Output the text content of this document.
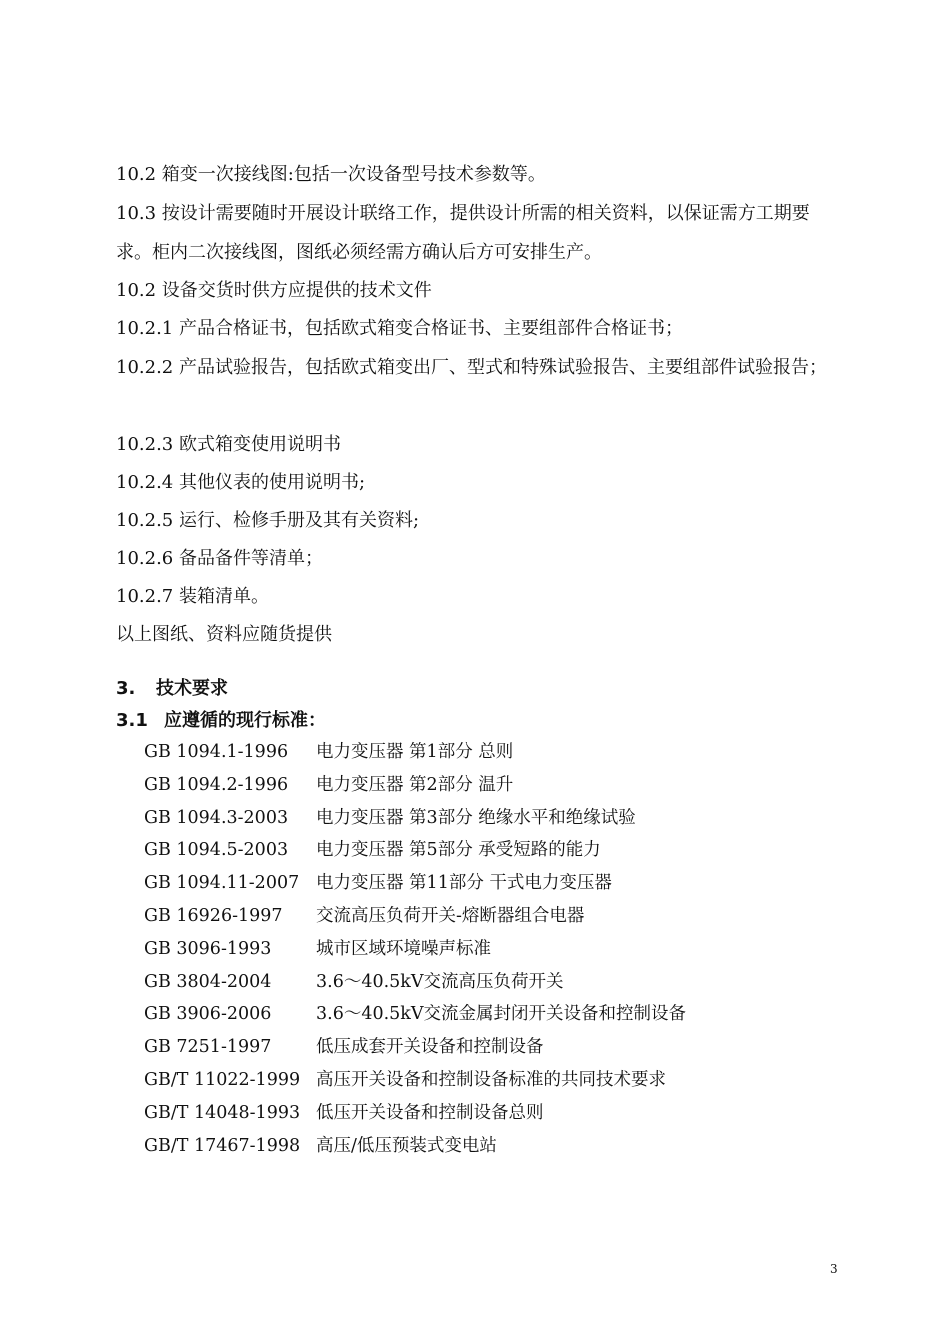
10.2 箱变一次接线图:包括一次设备型号技术参数等。
10.3 按设计需要随时开展设计联络工作，提供设计所需的相关资料，以保证需方工期要求。柜内二次接线图，图纸必须经需方确认后方可安排生产。
10.2 设备交货时供方应提供的技术文件
10.2.1 产品合格证书，包括欧式箱变合格证书、主要组部件合格证书；
10.2.2 产品试验报告，包括欧式箱变出厂、型式和特殊试验报告、主要组部件试验报告；
10.2.3 欧式箱变使用说明书
10.2.4 其他仪表的使用说明书;
10.2.5 运行、检修手册及其有关资料;
10.2.6 备品备件等清单；
10.2.7 装箱清单。
以上图纸、资料应随货提供
3. 技术要求
3.1 应遵循的现行标准：
GB 1094.1-1996	电力变压器 第1部分 总则
GB 1094.2-1996	电力变压器 第2部分 温升
GB 1094.3-2003	电力变压器 第3部分 绝缘水平和绝缘试验
GB 1094.5-2003	电力变压器 第5部分 承受短路的能力
GB 1094.11-2007 电力变压器 第11部分 干式电力变压器
GB 16926-1997	交流高压负荷开关-熔断器组合电器
GB 3096-1993	城市区域环境噪声标准
GB 3804-2004	3.6～40.5kV交流高压负荷开关
GB 3906-2006	3.6～40.5kV交流金属封闭开关设备和控制设备
GB 7251-1997	低压成套开关设备和控制设备
GB/T 11022-1999 高压开关设备和控制设备标准的共同技术要求
GB/T 14048-1993 低压开关设备和控制设备总则
GB/T 17467-1998 高压/低压预装式变电站
3
